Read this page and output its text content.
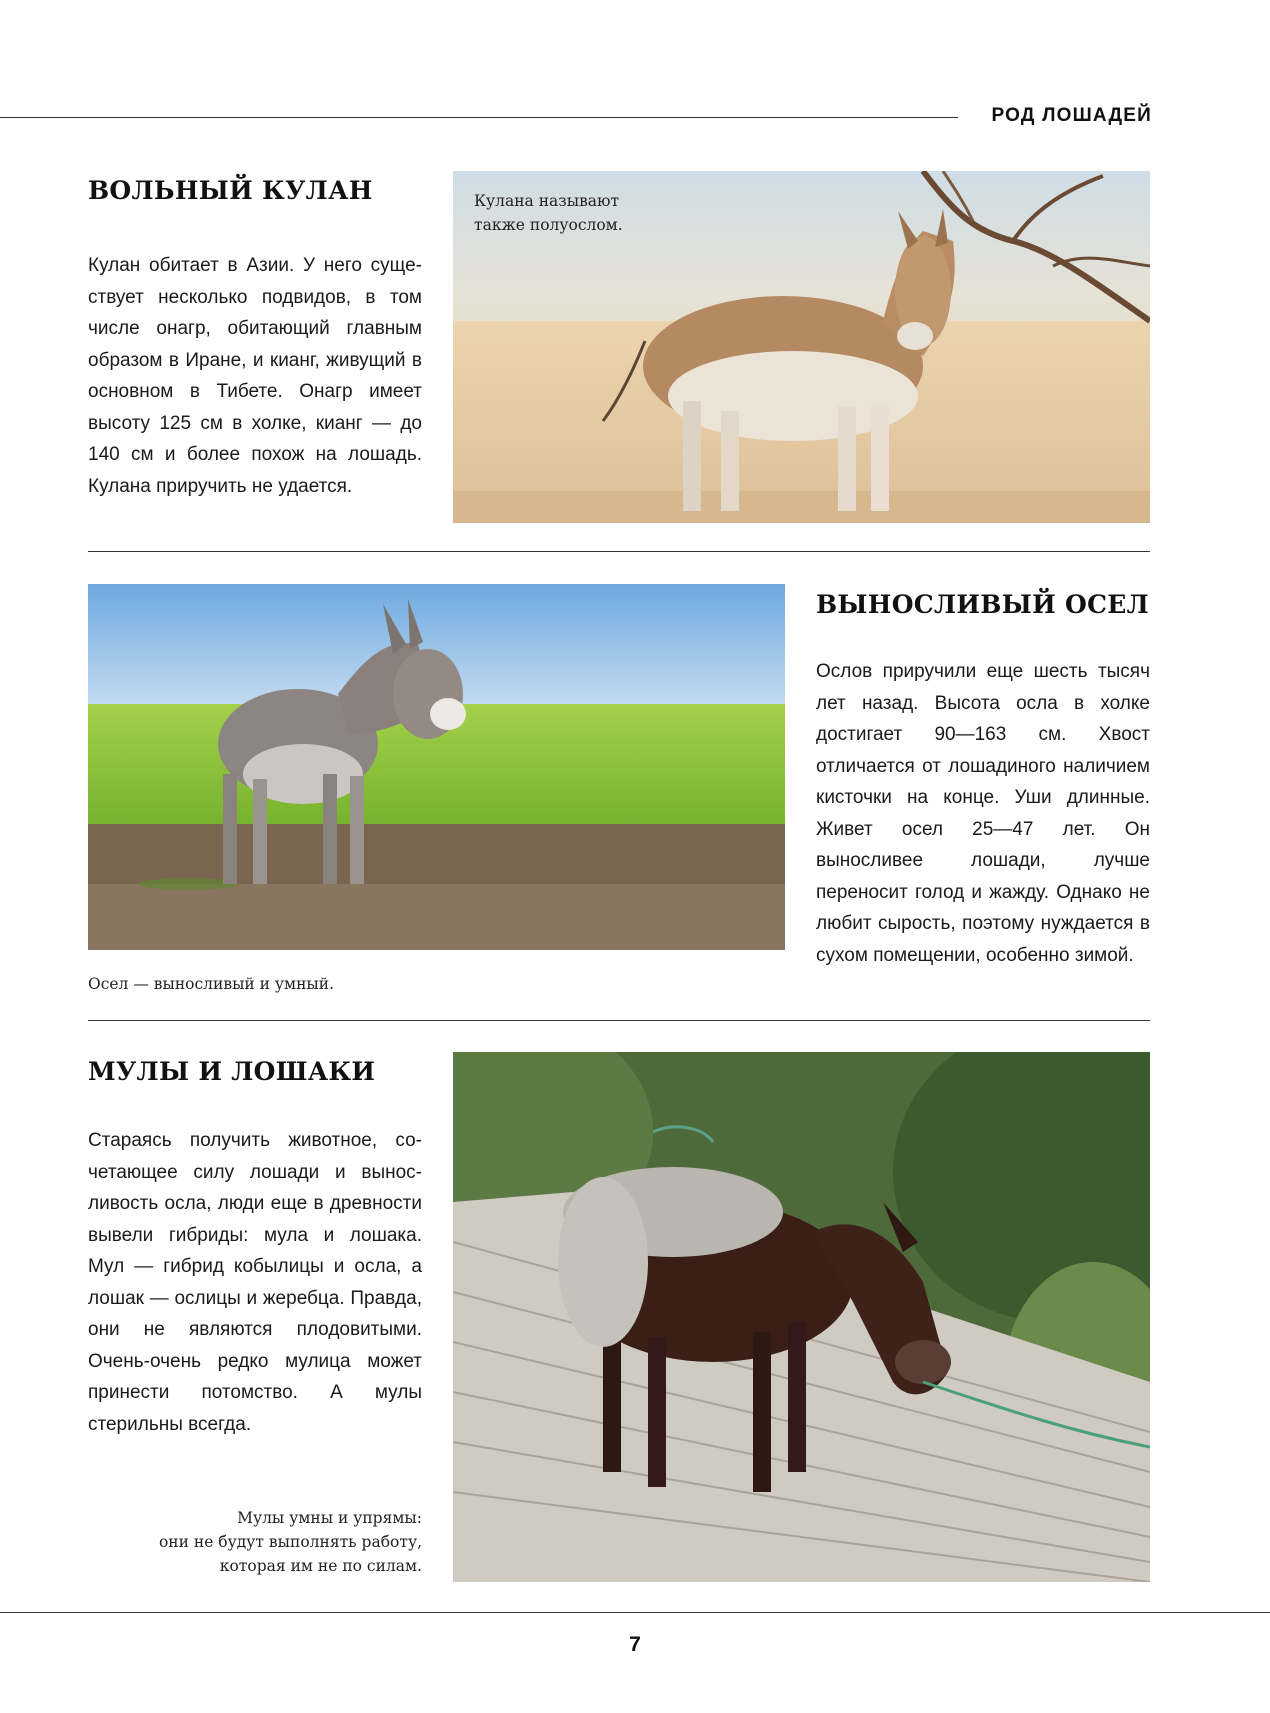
РОД ЛОШАДЕЙ
ВОЛЬНЫЙ КУЛАН

Кулан обитает в Азии. У него существует несколько подвидов, в том числе онагр, обитающий главным образом в Иране, и кианг, живущий в основном в Тибете. Онагр имеет высоту 125 см в холке, кианг — до 140 см и более похож на лошадь. Кулана приручить не удается.

Кулана называют также полуослом.

Осел — выносливый и умный.

ВЫНОСЛИВЫЙ ОСЕЛ

Ослов приручили еще шесть тысяч лет назад. Высота осла в холке достигает 90—163 см. Хвост отличается от лошадиного наличием кисточки на конце. Уши длинные. Живет осел 25—47 лет. Он выносливее лошади, лучше переносит голод и жажду. Однако не любит сырость, поэтому нуждается в сухом помещении, особенно зимой.

МУЛЫ И ЛОШАКИ

Стараясь получить животное, сочетающее силу лошади и выносливость осла, люди еще в древности вывели гибриды: мула и лошака. Мул — гибрид кобылицы и осла, а лошак — ослицы и жеребца. Правда, они не являются плодовитыми. Очень-очень редко мулица может принести потомство. А мулы стерильны всегда.

Мулы умны и упрямы:
они не будут выполнять работу,
которая им не по силам.
7
